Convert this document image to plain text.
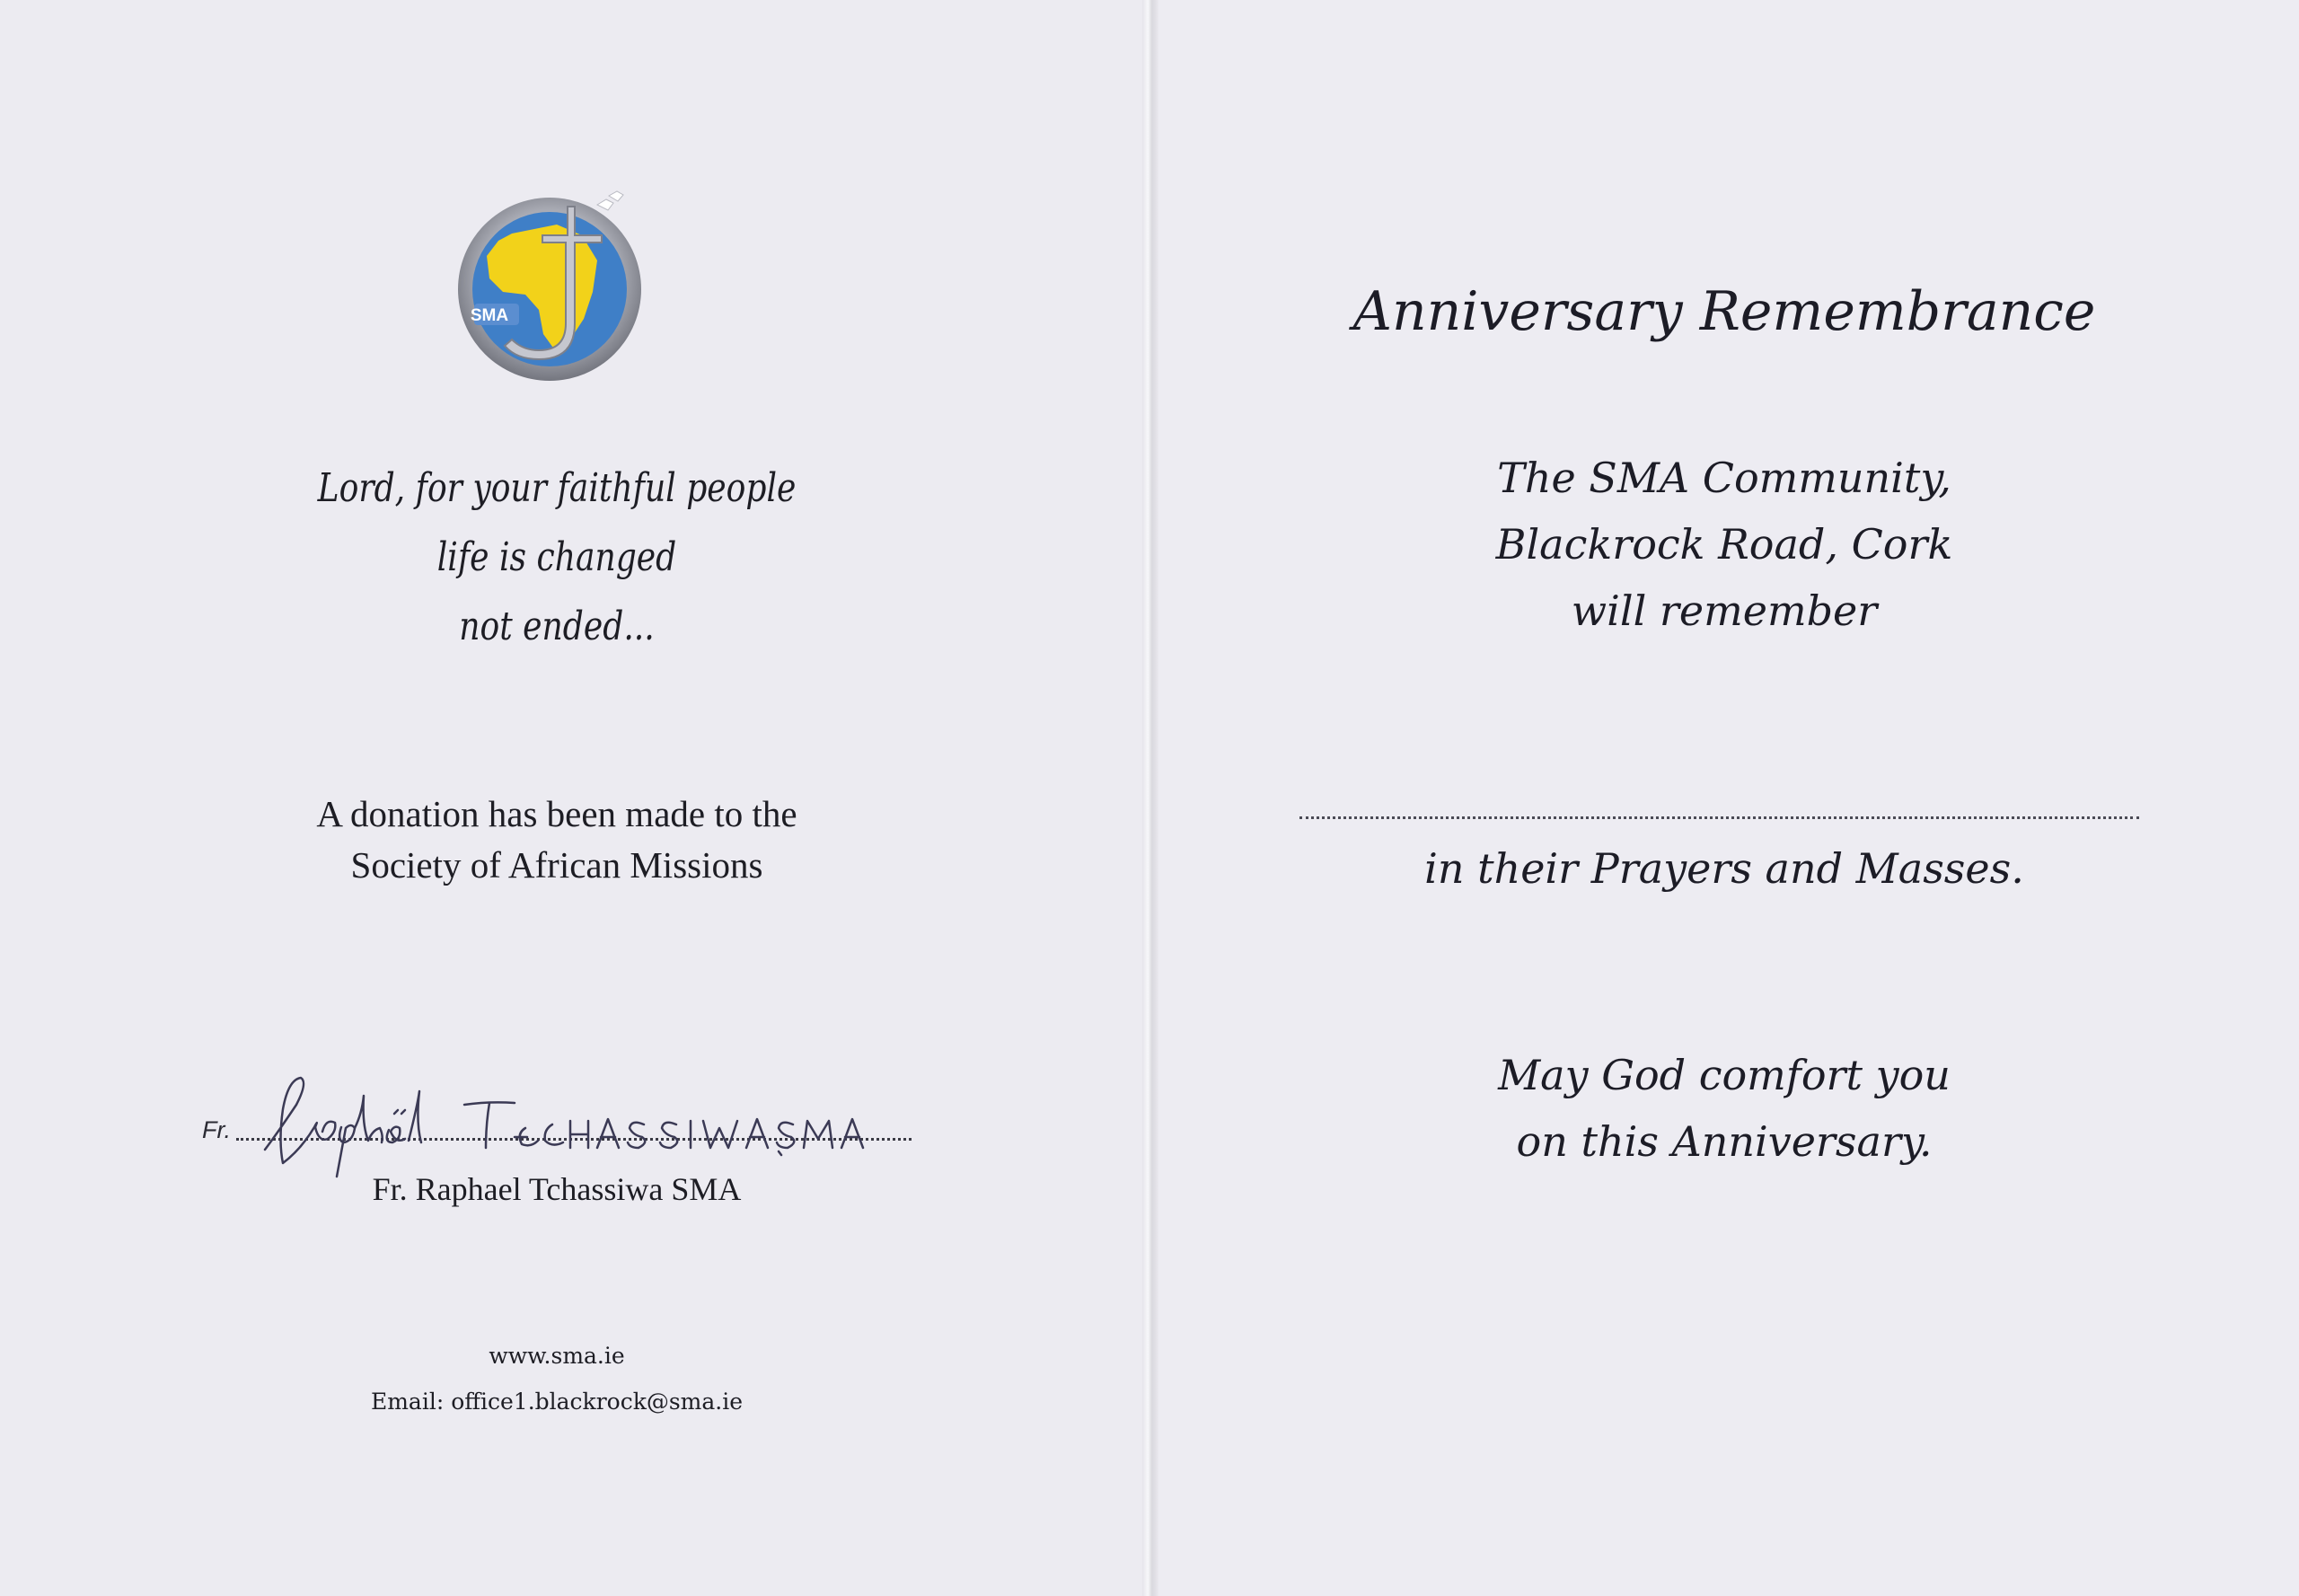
SMA
Lord, for your faithful people
life is changed
not ended...
A donation has been made to the
Society of African Missions
Fr.
Fr. Raphael Tchassiwa SMA
www.sma.ie
Email: office1.blackrock@sma.ie
Anniversary Remembrance
The SMA Community,
Blackrock Road, Cork
will remember
in their Prayers and Masses.
May God comfort you
on this Anniversary.
